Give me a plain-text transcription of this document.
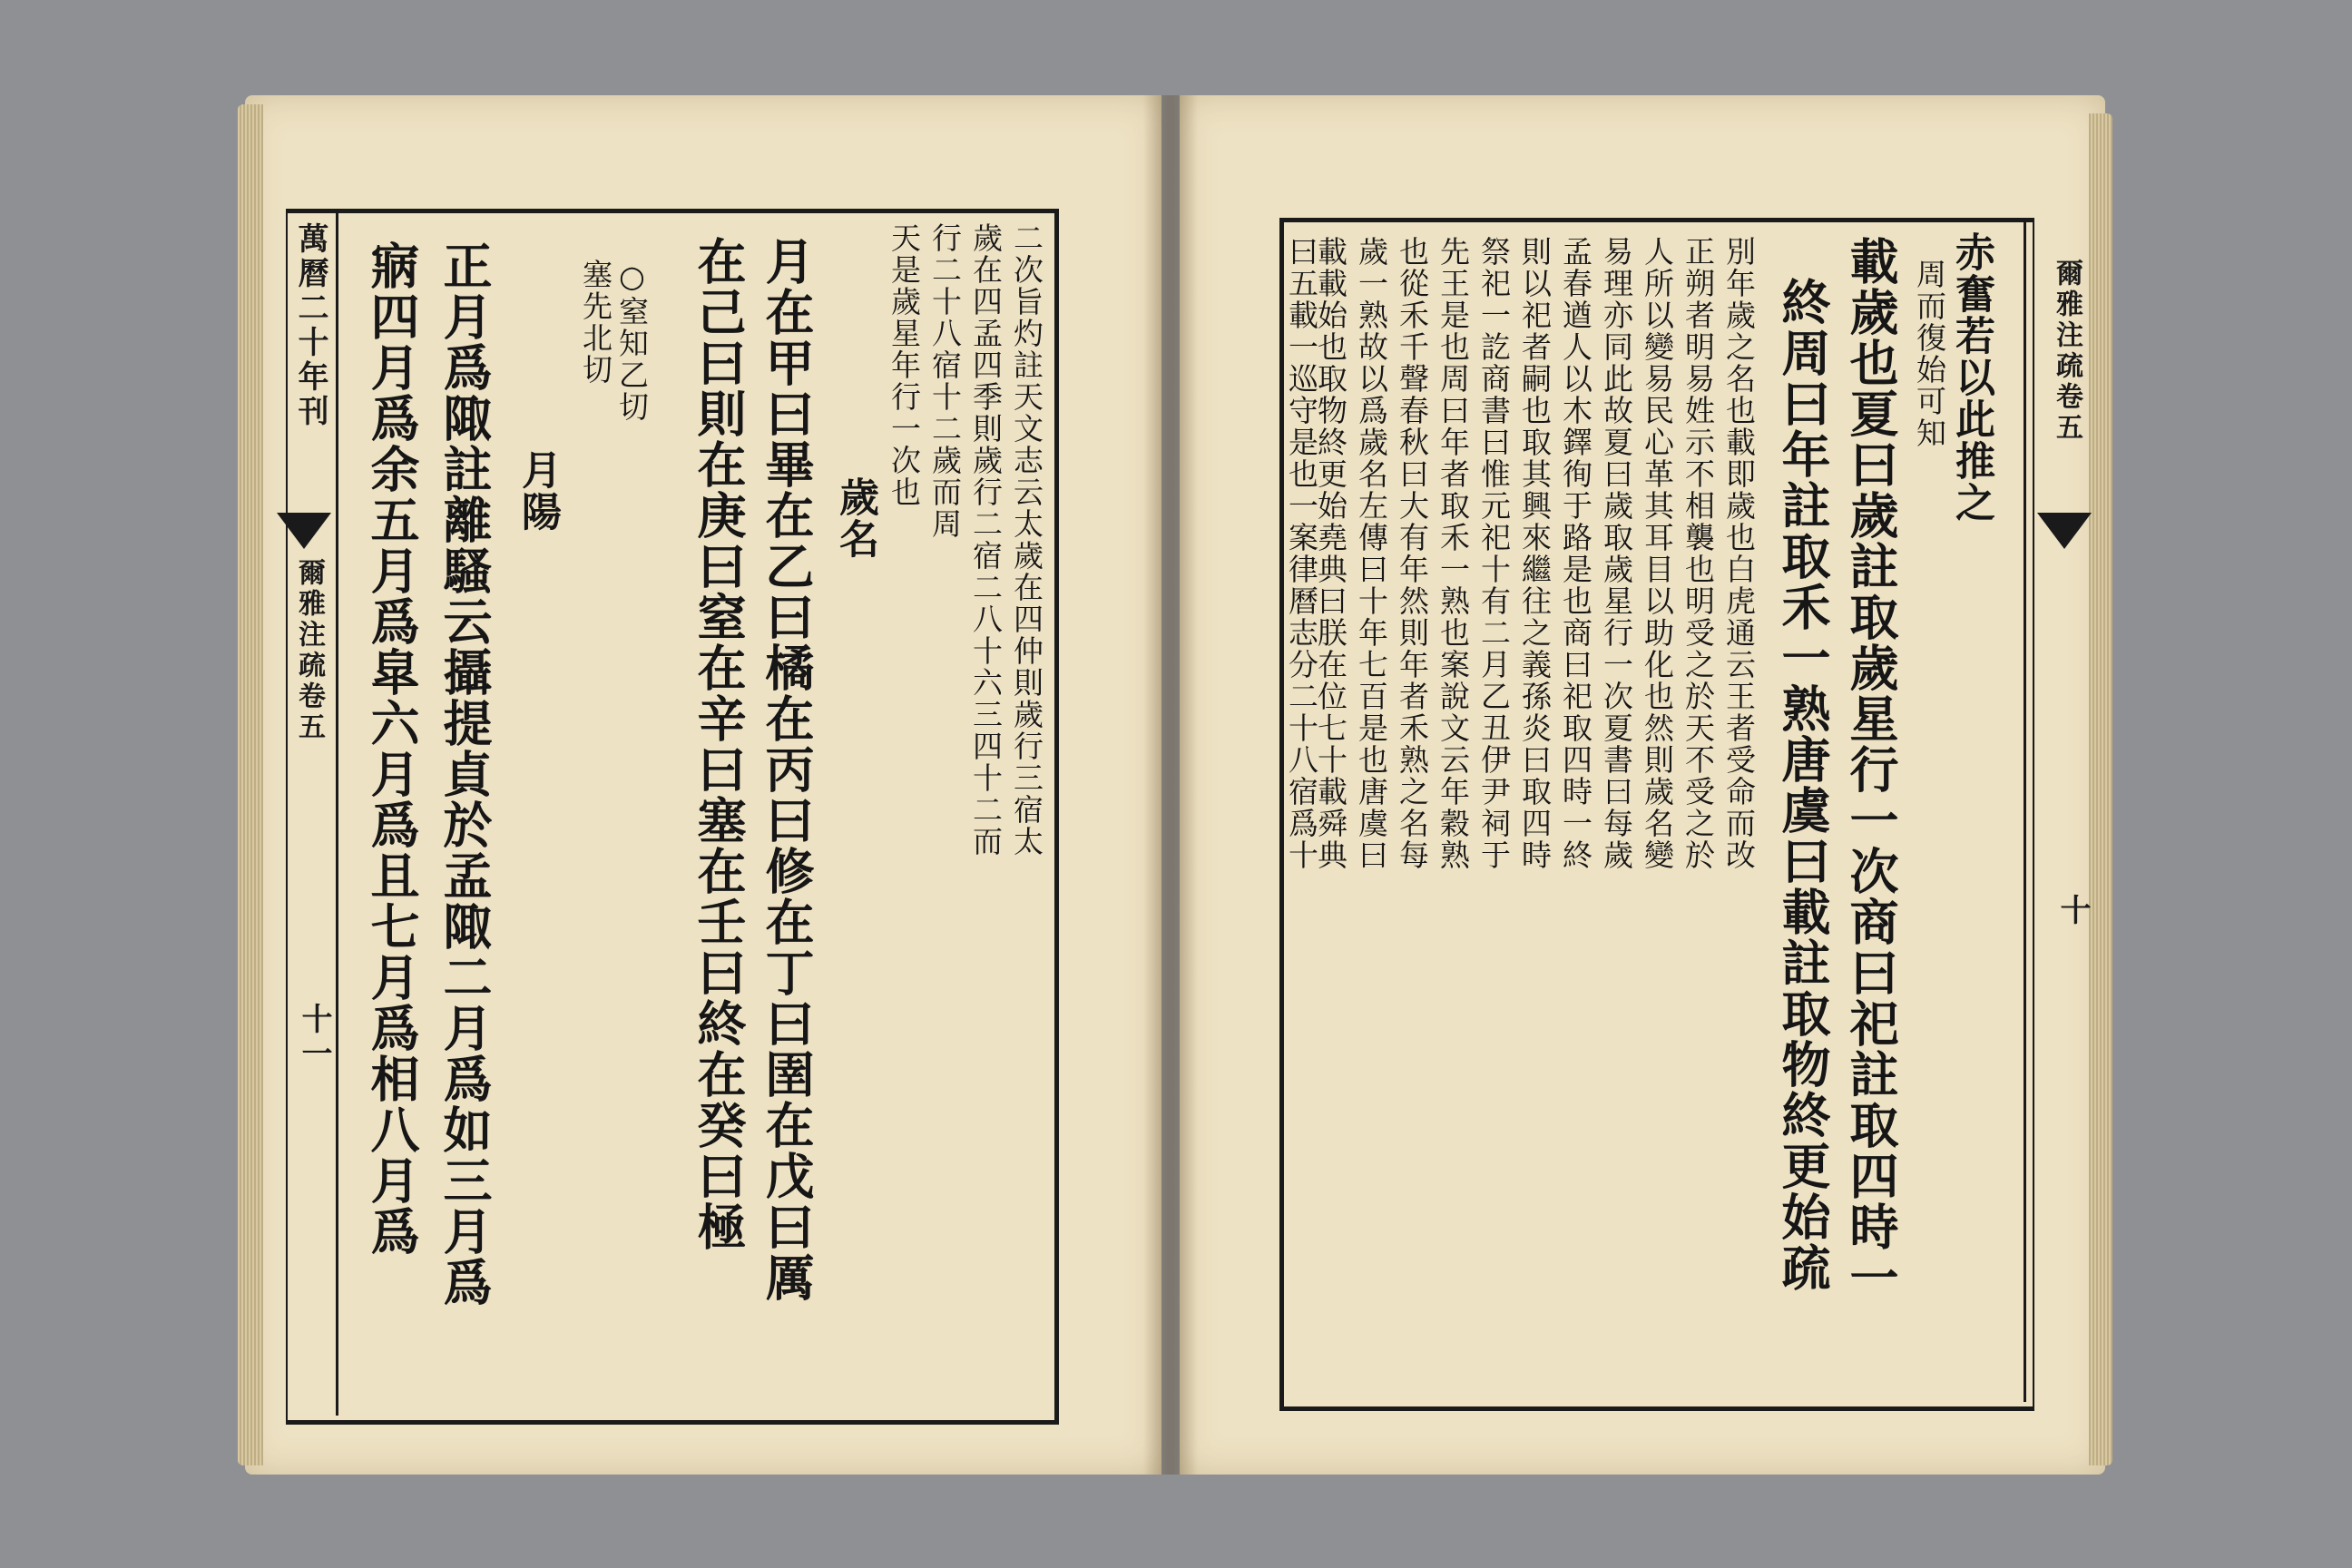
萬曆二十年刊
爾雅注疏卷五
十一
爾雅注疏卷五
十
二次旨灼註天文志云太歲在四仲則歲行三宿太
歲在四孟四季則歲行二宿二八十六三四十二而
行二十八宿十二歲而周
天是歲星年行一次也
歲名
月在甲曰畢在乙曰橘在丙曰修在丁曰圉在戊曰厲
在己曰則在庚曰窒在辛曰塞在壬曰終在癸曰極
○窒知乙切
塞先北切
月陽
正月爲陬註離騷云攝提貞於孟陬二月爲如三月爲
寎四月爲余五月爲皐六月爲且七月爲相八月爲	赤奮若以此推之
周而復始可知
載歲也夏曰歲註取歲星行一次商曰祀註取四時一
終周曰年註取禾一熟唐虞曰載註取物終更始疏
別年歲之名也載即歲也白虎通云王者受命而改
正朔者明易姓示不相襲也明受之於天不受之於
人所以變易民心革其耳目以助化也然則歲名變
易理亦同此故夏曰歲取歲星行一次夏書曰每歲
孟春遒人以木鐸徇于路是也商曰祀取四時一終
則以祀者嗣也取其興來繼往之義孫炎曰取四時
祭祀一訖商書曰惟元祀十有二月乙丑伊尹祠于
先王是也周曰年者取禾一熟也案說文云年穀熟
也從禾千聲春秋曰大有年然則年者禾熟之名每
歲一熟故以爲歲名左傳曰十年七百是也唐虞曰
載載始也取物終更始堯典曰朕在位七十載舜典
曰五載一巡守是也一案律曆志分二十八宿爲十
